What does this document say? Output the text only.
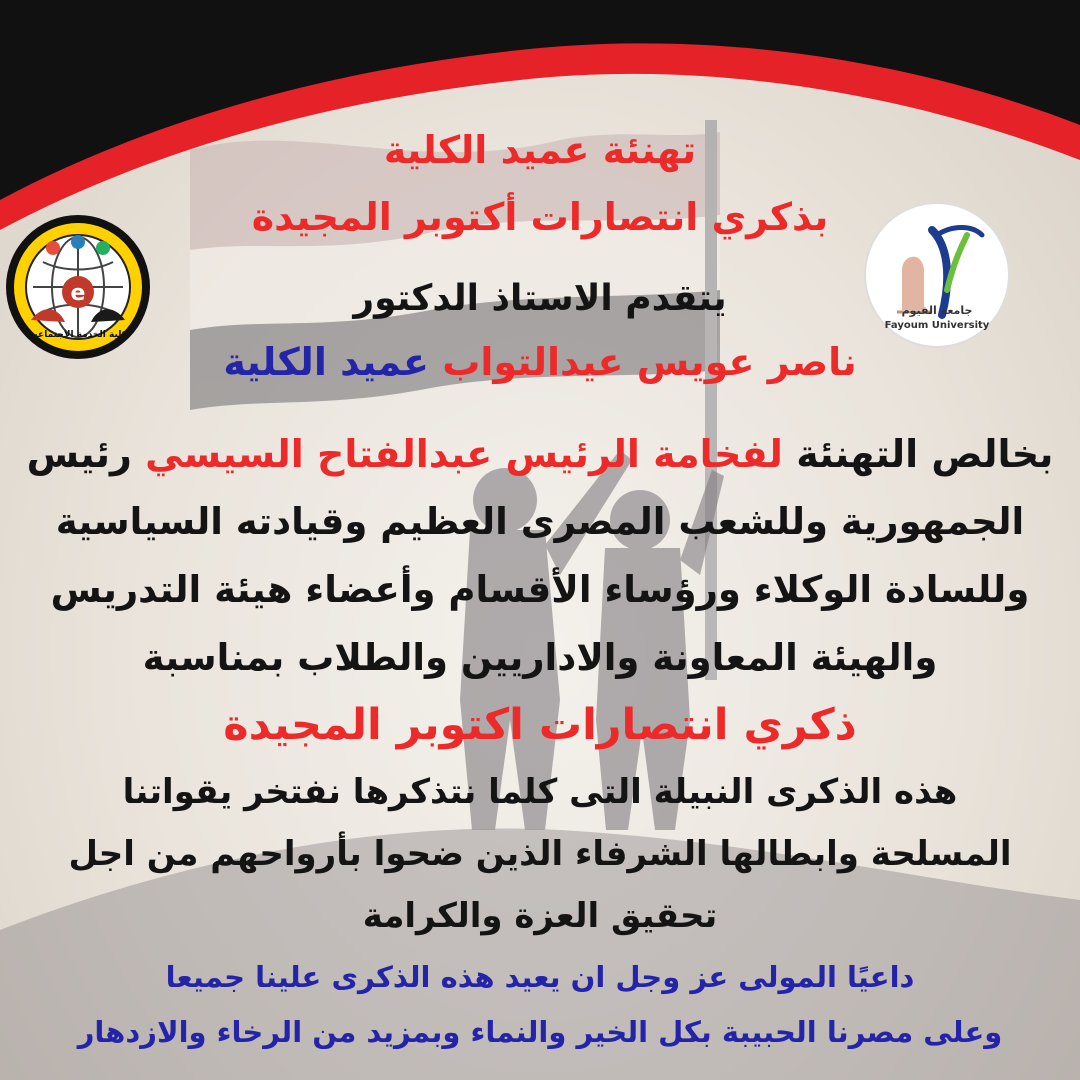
e
كلية الخدمة الاجتماعية
جامعة الفيوم
Fayoum University
تهنئة عميد الكلية
بذكري انتصارات أكتوبر المجيدة
يتقدم الاستاذ الدكتور
ناصر عويس عيدالتواب عميد الكلية
بخالص التهنئة لفخامة الرئيس عبدالفتاح السيسي رئيس
الجمهورية وللشعب المصرى العظيم وقيادته السياسية
وللسادة الوكلاء ورؤساء الأقسام وأعضاء هيئة التدريس
والهيئة المعاونة والاداريين والطلاب بمناسبة
ذكري انتصارات اكتوبر المجيدة
هذه الذكرى النبيلة التى كلما نتذكرها نفتخر يقواتنا
المسلحة وابطالها الشرفاء الذين ضحوا بأرواحهم من اجل
تحقيق العزة والكرامة
داعيًا المولى عز وجل ان يعيد هذه الذكرى علينا جميعا
وعلى مصرنا الحبيبة بكل الخير والنماء وبمزيد من الرخاء والازدهار
